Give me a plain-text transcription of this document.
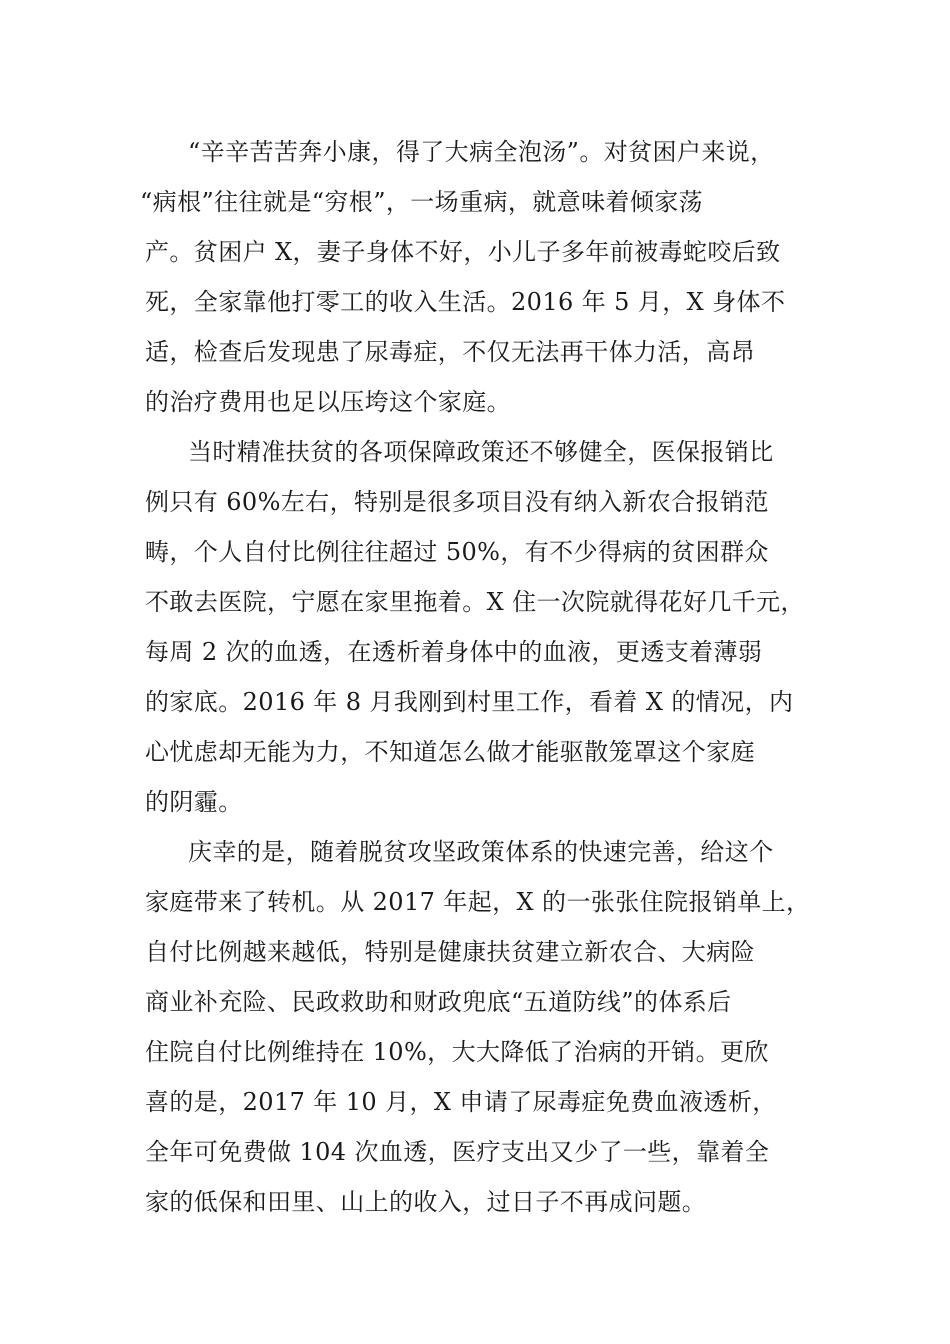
“辛辛苦苦奔小康，得了大病全泡汤”。对贫困户来说，
“病根”往往就是“穷根”，一场重病，就意味着倾家荡
产。贫困户 X，妻子身体不好，小儿子多年前被毒蛇咬后致
死，全家靠他打零工的收入生活。2016 年 5 月，X 身体不
适，检查后发现患了尿毒症，不仅无法再干体力活，高昂
的治疗费用也足以压垮这个家庭。
当时精准扶贫的各项保障政策还不够健全，医保报销比
例只有 60%左右，特别是很多项目没有纳入新农合报销范
畴，个人自付比例往往超过 50%，有不少得病的贫困群众
不敢去医院，宁愿在家里拖着。X 住一次院就得花好几千元，
每周 2 次的血透，在透析着身体中的血液，更透支着薄弱
的家底。2016 年 8 月我刚到村里工作，看着 X 的情况，内
心忧虑却无能为力，不知道怎么做才能驱散笼罩这个家庭
的阴霾。
庆幸的是，随着脱贫攻坚政策体系的快速完善，给这个
家庭带来了转机。从 2017 年起，X 的一张张住院报销单上，
自付比例越来越低，特别是健康扶贫建立新农合、大病险
商业补充险、民政救助和财政兜底“五道防线”的体系后
住院自付比例维持在 10%，大大降低了治病的开销。更欣
喜的是，2017 年 10 月，X 申请了尿毒症免费血液透析，
全年可免费做 104 次血透，医疗支出又少了一些，靠着全
家的低保和田里、山上的收入，过日子不再成问题。
